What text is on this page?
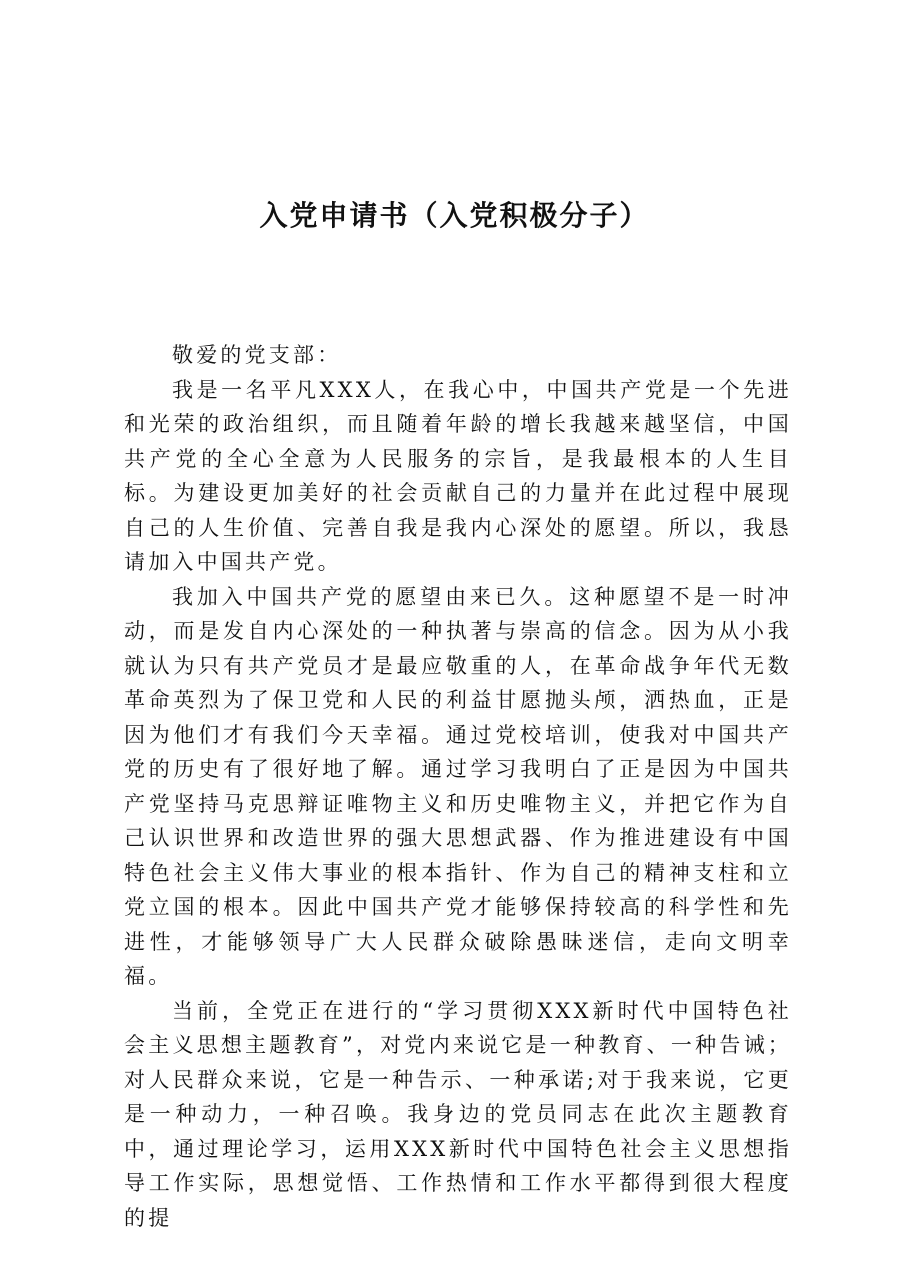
入党申请书（入党积极分子）

敬爱的党支部：

我是一名平凡XXX人，在我心中，中国共产党是一个先进和光荣的政治组织，而且随着年龄的增长我越来越坚信，中国共产党的全心全意为人民服务的宗旨，是我最根本的人生目标。为建设更加美好的社会贡献自己的力量并在此过程中展现自己的人生价值、完善自我是我内心深处的愿望。所以，我恳请加入中国共产党。

我加入中国共产党的愿望由来已久。这种愿望不是一时冲动，而是发自内心深处的一种执著与崇高的信念。因为从小我就认为只有共产党员才是最应敬重的人，在革命战争年代无数革命英烈为了保卫党和人民的利益甘愿抛头颅，洒热血，正是因为他们才有我们今天幸福。通过党校培训，使我对中国共产党的历史有了很好地了解。通过学习我明白了正是因为中国共产党坚持马克思辩证唯物主义和历史唯物主义，并把它作为自己认识世界和改造世界的强大思想武器、作为推进建设有中国特色社会主义伟大事业的根本指针、作为自己的精神支柱和立党立国的根本。因此中国共产党才能够保持较高的科学性和先进性，才能够领导广大人民群众破除愚昧迷信，走向文明幸福。

当前，全党正在进行的“学习贯彻XXX新时代中国特色社会主义思想主题教育”，对党内来说它是一种教育、一种告诫；对人民群众来说，它是一种告示、一种承诺;对于我来说，它更是一种动力，一种召唤。我身边的党员同志在此次主题教育中，通过理论学习，运用XXX新时代中国特色社会主义思想指导工作实际，思想觉悟、工作热情和工作水平都得到很大程度的提
